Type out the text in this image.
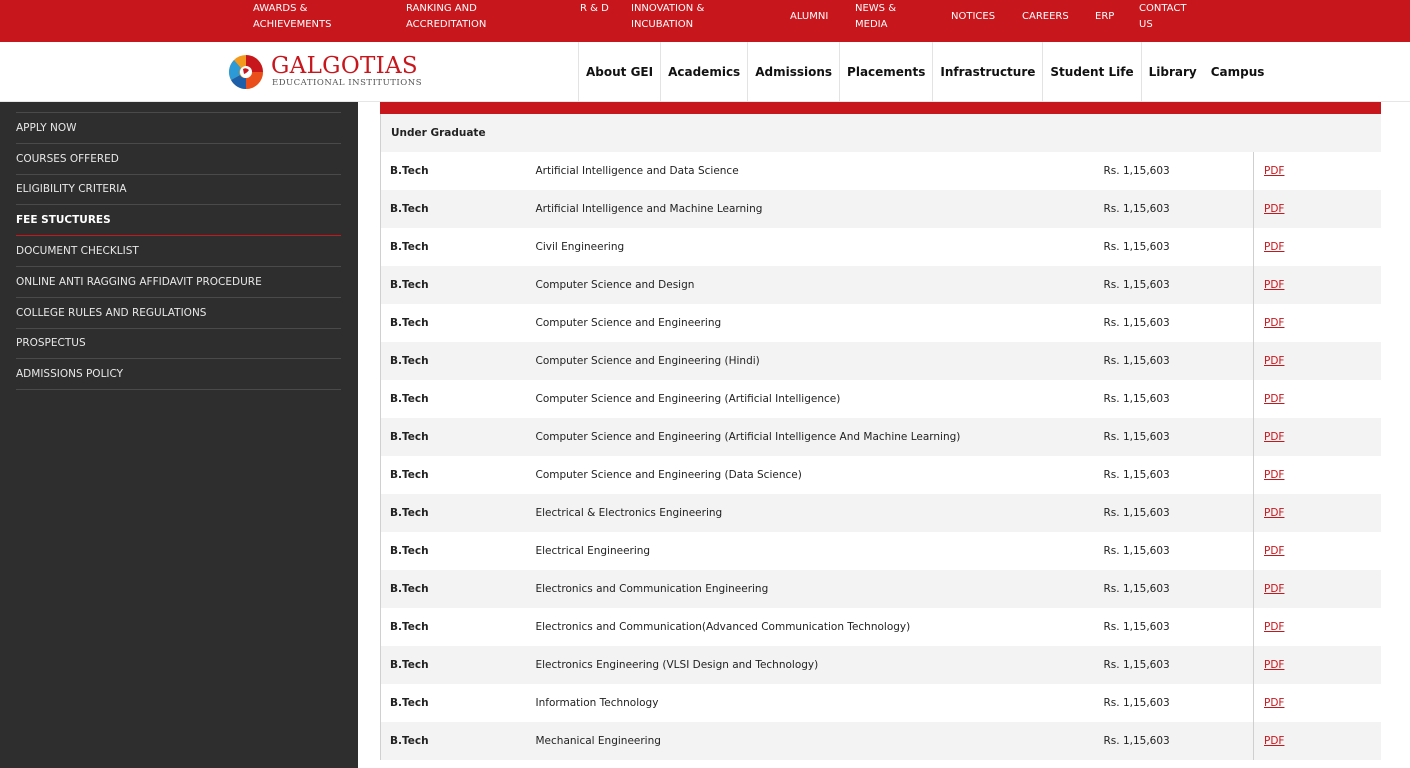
AWARDS & ACHIEVEMENTS
RANKING AND ACCREDITATION
R & D INNOVATION & INCUBATION
ALUMNI
NEWS & MEDIA
NOTICES	CAREERS	ERP
CONTACT US
GALGOTIAS
EDUCATIONAL INSTITUTIONS
About GEI	Academics	Admissions	Placements	Infrastructure	Student Life	Library	Campus
APPLY NOW
COURSES OFFERED
ELIGIBILITY CRITERIA
FEE STUCTURES
DOCUMENT CHECKLIST
ONLINE ANTI RAGGING AFFIDAVIT PROCEDURE
COLLEGE RULES AND REGULATIONS
PROSPECTUS
ADMISSIONS POLICY
Under Graduate
B.Tech	Artificial Intelligence and Data Science	Rs. 1,15,603	PDF
B.Tech	Artificial Intelligence and Machine Learning	Rs. 1,15,603	PDF
B.Tech	Civil Engineering	Rs. 1,15,603	PDF
B.Tech	Computer Science and Design	Rs. 1,15,603	PDF
B.Tech	Computer Science and Engineering	Rs. 1,15,603	PDF
B.Tech	Computer Science and Engineering (Hindi)	Rs. 1,15,603	PDF
B.Tech	Computer Science and Engineering (Artificial Intelligence)	Rs. 1,15,603	PDF
B.Tech	Computer Science and Engineering (Artificial Intelligence And Machine Learning)	Rs. 1,15,603	PDF
B.Tech	Computer Science and Engineering (Data Science)	Rs. 1,15,603	PDF
B.Tech	Electrical & Electronics Engineering	Rs. 1,15,603	PDF
B.Tech	Electrical Engineering	Rs. 1,15,603	PDF
B.Tech	Electronics and Communication Engineering	Rs. 1,15,603	PDF
B.Tech	Electronics and Communication(Advanced Communication Technology)	Rs. 1,15,603	PDF
B.Tech	Electronics Engineering (VLSI Design and Technology)	Rs. 1,15,603	PDF
B.Tech	Information Technology	Rs. 1,15,603	PDF
B.Tech	Mechanical Engineering	Rs. 1,15,603	PDF
